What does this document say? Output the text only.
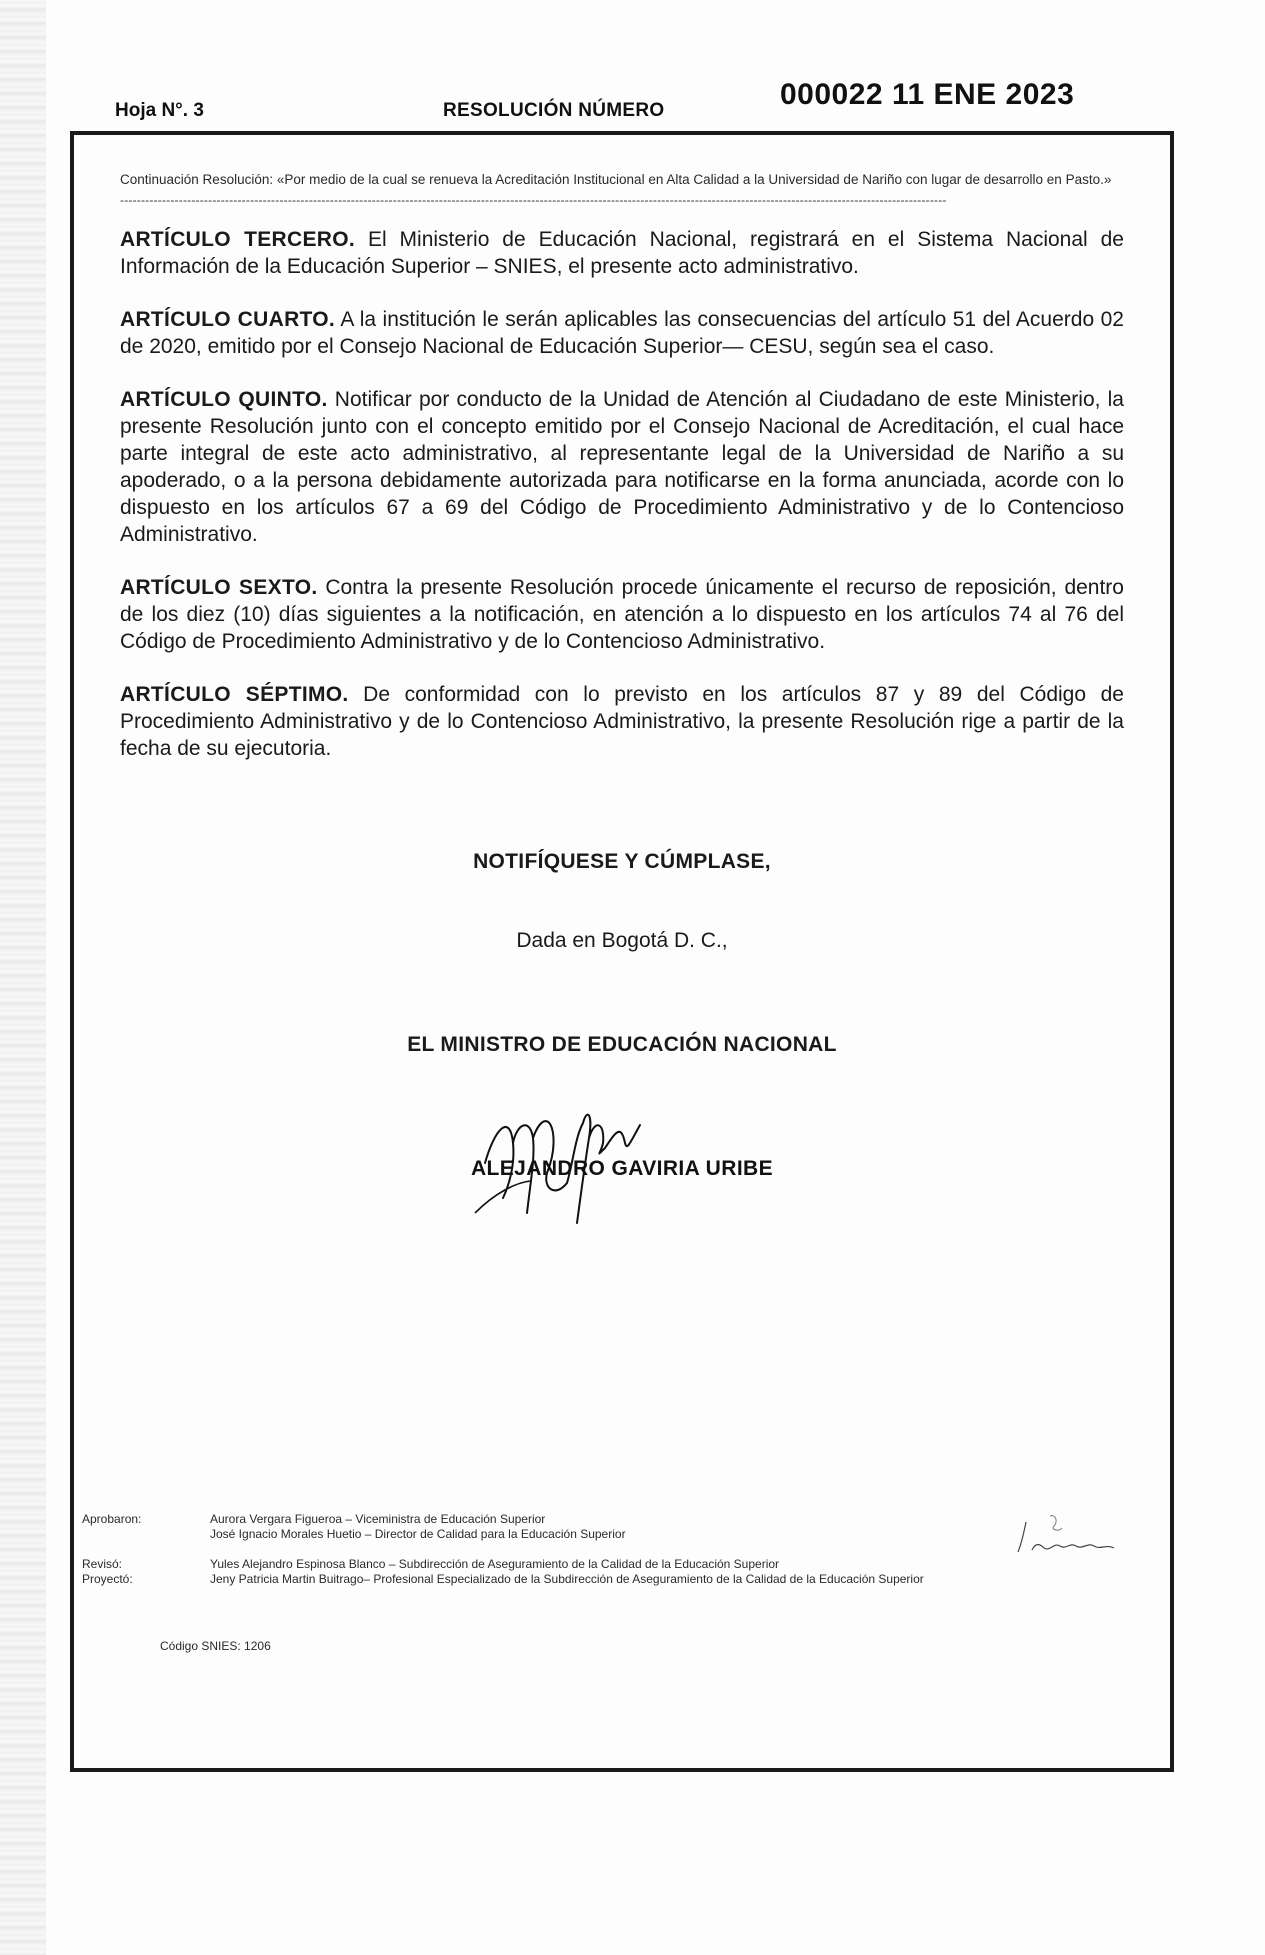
Hoja N°. 3	RESOLUCIÓN NÚMERO	000022 11 ENE 2023

Continuación Resolución: «Por medio de la cual se renueva la Acreditación Institucional en Alta Calidad a la Universidad de Nariño con lugar de desarrollo en Pasto.»

-----------------------------------------------------------------------------------------------------------------------------------------------------------------------------------------------------

ARTÍCULO TERCERO. El Ministerio de Educación Nacional, registrará en el Sistema Nacional de Información de la Educación Superior – SNIES, el presente acto administrativo.

ARTÍCULO CUARTO. A la institución le serán aplicables las consecuencias del artículo 51 del Acuerdo 02 de 2020, emitido por el Consejo Nacional de Educación Superior— CESU, según sea el caso.

ARTÍCULO QUINTO. Notificar por conducto de la Unidad de Atención al Ciudadano de este Ministerio, la presente Resolución junto con el concepto emitido por el Consejo Nacional de Acreditación, el cual hace parte integral de este acto administrativo, al representante legal de la Universidad de Nariño a su apoderado, o a la persona debidamente autorizada para notificarse en la forma anunciada, acorde con lo dispuesto en los artículos 67 a 69 del Código de Procedimiento Administrativo y de lo Contencioso Administrativo.

ARTÍCULO SEXTO. Contra la presente Resolución procede únicamente el recurso de reposición, dentro de los diez (10) días siguientes a la notificación, en atención a lo dispuesto en los artículos 74 al 76 del Código de Procedimiento Administrativo y de lo Contencioso Administrativo.

ARTÍCULO SÉPTIMO. De conformidad con lo previsto en los artículos 87 y 89 del Código de Procedimiento Administrativo y de lo Contencioso Administrativo, la presente Resolución rige a partir de la fecha de su ejecutoria.

NOTIFÍQUESE Y CÚMPLASE,

Dada en Bogotá D. C.,

EL MINISTRO DE EDUCACIÓN NACIONAL

ALEJANDRO GAVIRIA URIBE
Aprobaron:	Aurora Vergara Figueroa – Viceministra de Educación Superior
José Ignacio Morales Huetio – Director de Calidad para la Educación Superior
Revisó:	Yules Alejandro Espinosa Blanco – Subdirección de Aseguramiento de la Calidad de la Educación Superior
Proyectó:	Jeny Patricia Martin Buitrago– Profesional Especializado de la Subdirección de Aseguramiento de la Calidad de la Educación Superior
Código SNIES: 1206
